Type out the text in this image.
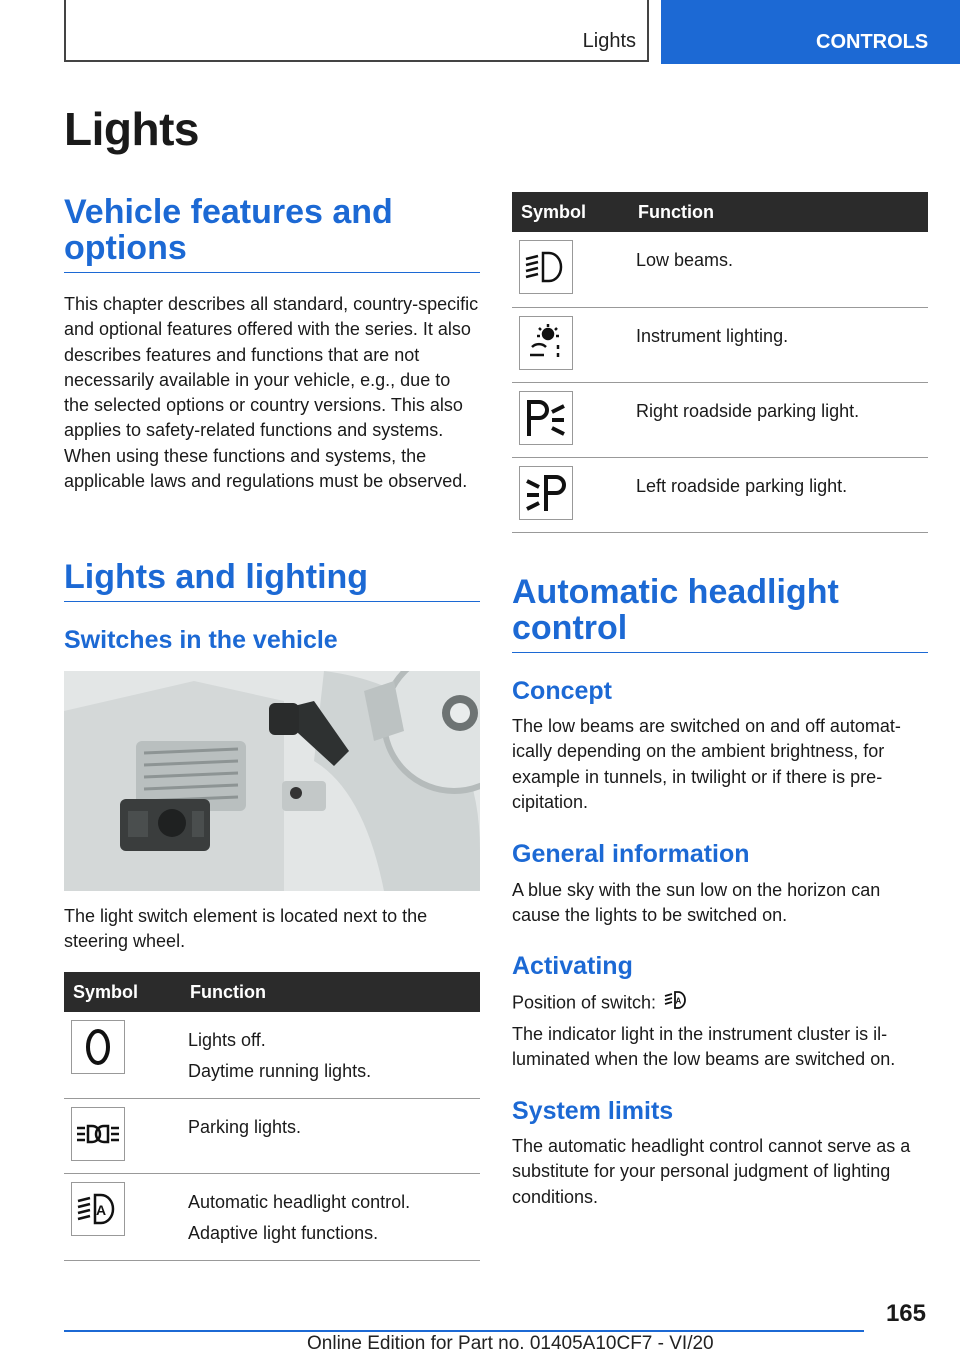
Lights	CONTROLS
Lights
Vehicle features and options

This chapter describes all standard, country-specific and optional features offered with the series. It also describes features and functions that are not necessarily available in your vehicle, e.g., due to the selected options or country versions. This also applies to safety-related functions and systems. When using these functions and systems, the applicable laws and regulations must be observed.

Lights and lighting
Switches in the vehicle

The light switch element is located next to the steering wheel.

Symbol	Function

Lights off.
Daytime running lights.

Parking lights.

A	Automatic headlight control.
Adaptive light functions.
Symbol	Function

Low beams.

Instrument lighting.

Right roadside parking light.

Left roadside parking light.
Automatic headlight control
Concept

The low beams are switched on and off automatically depending on the ambient brightness, for example in tunnels, in twilight or if there is precipitation.

General information

A blue sky with the sun low on the horizon can cause the lights to be switched on.

Activating

Position of switch: A

The indicator light in the instrument cluster is illuminated when the low beams are switched on.

System limits

The automatic headlight control cannot serve as a substitute for your personal judgment of lighting conditions.

165
Online Edition for Part no. 01405A10CF7 - VI/20
